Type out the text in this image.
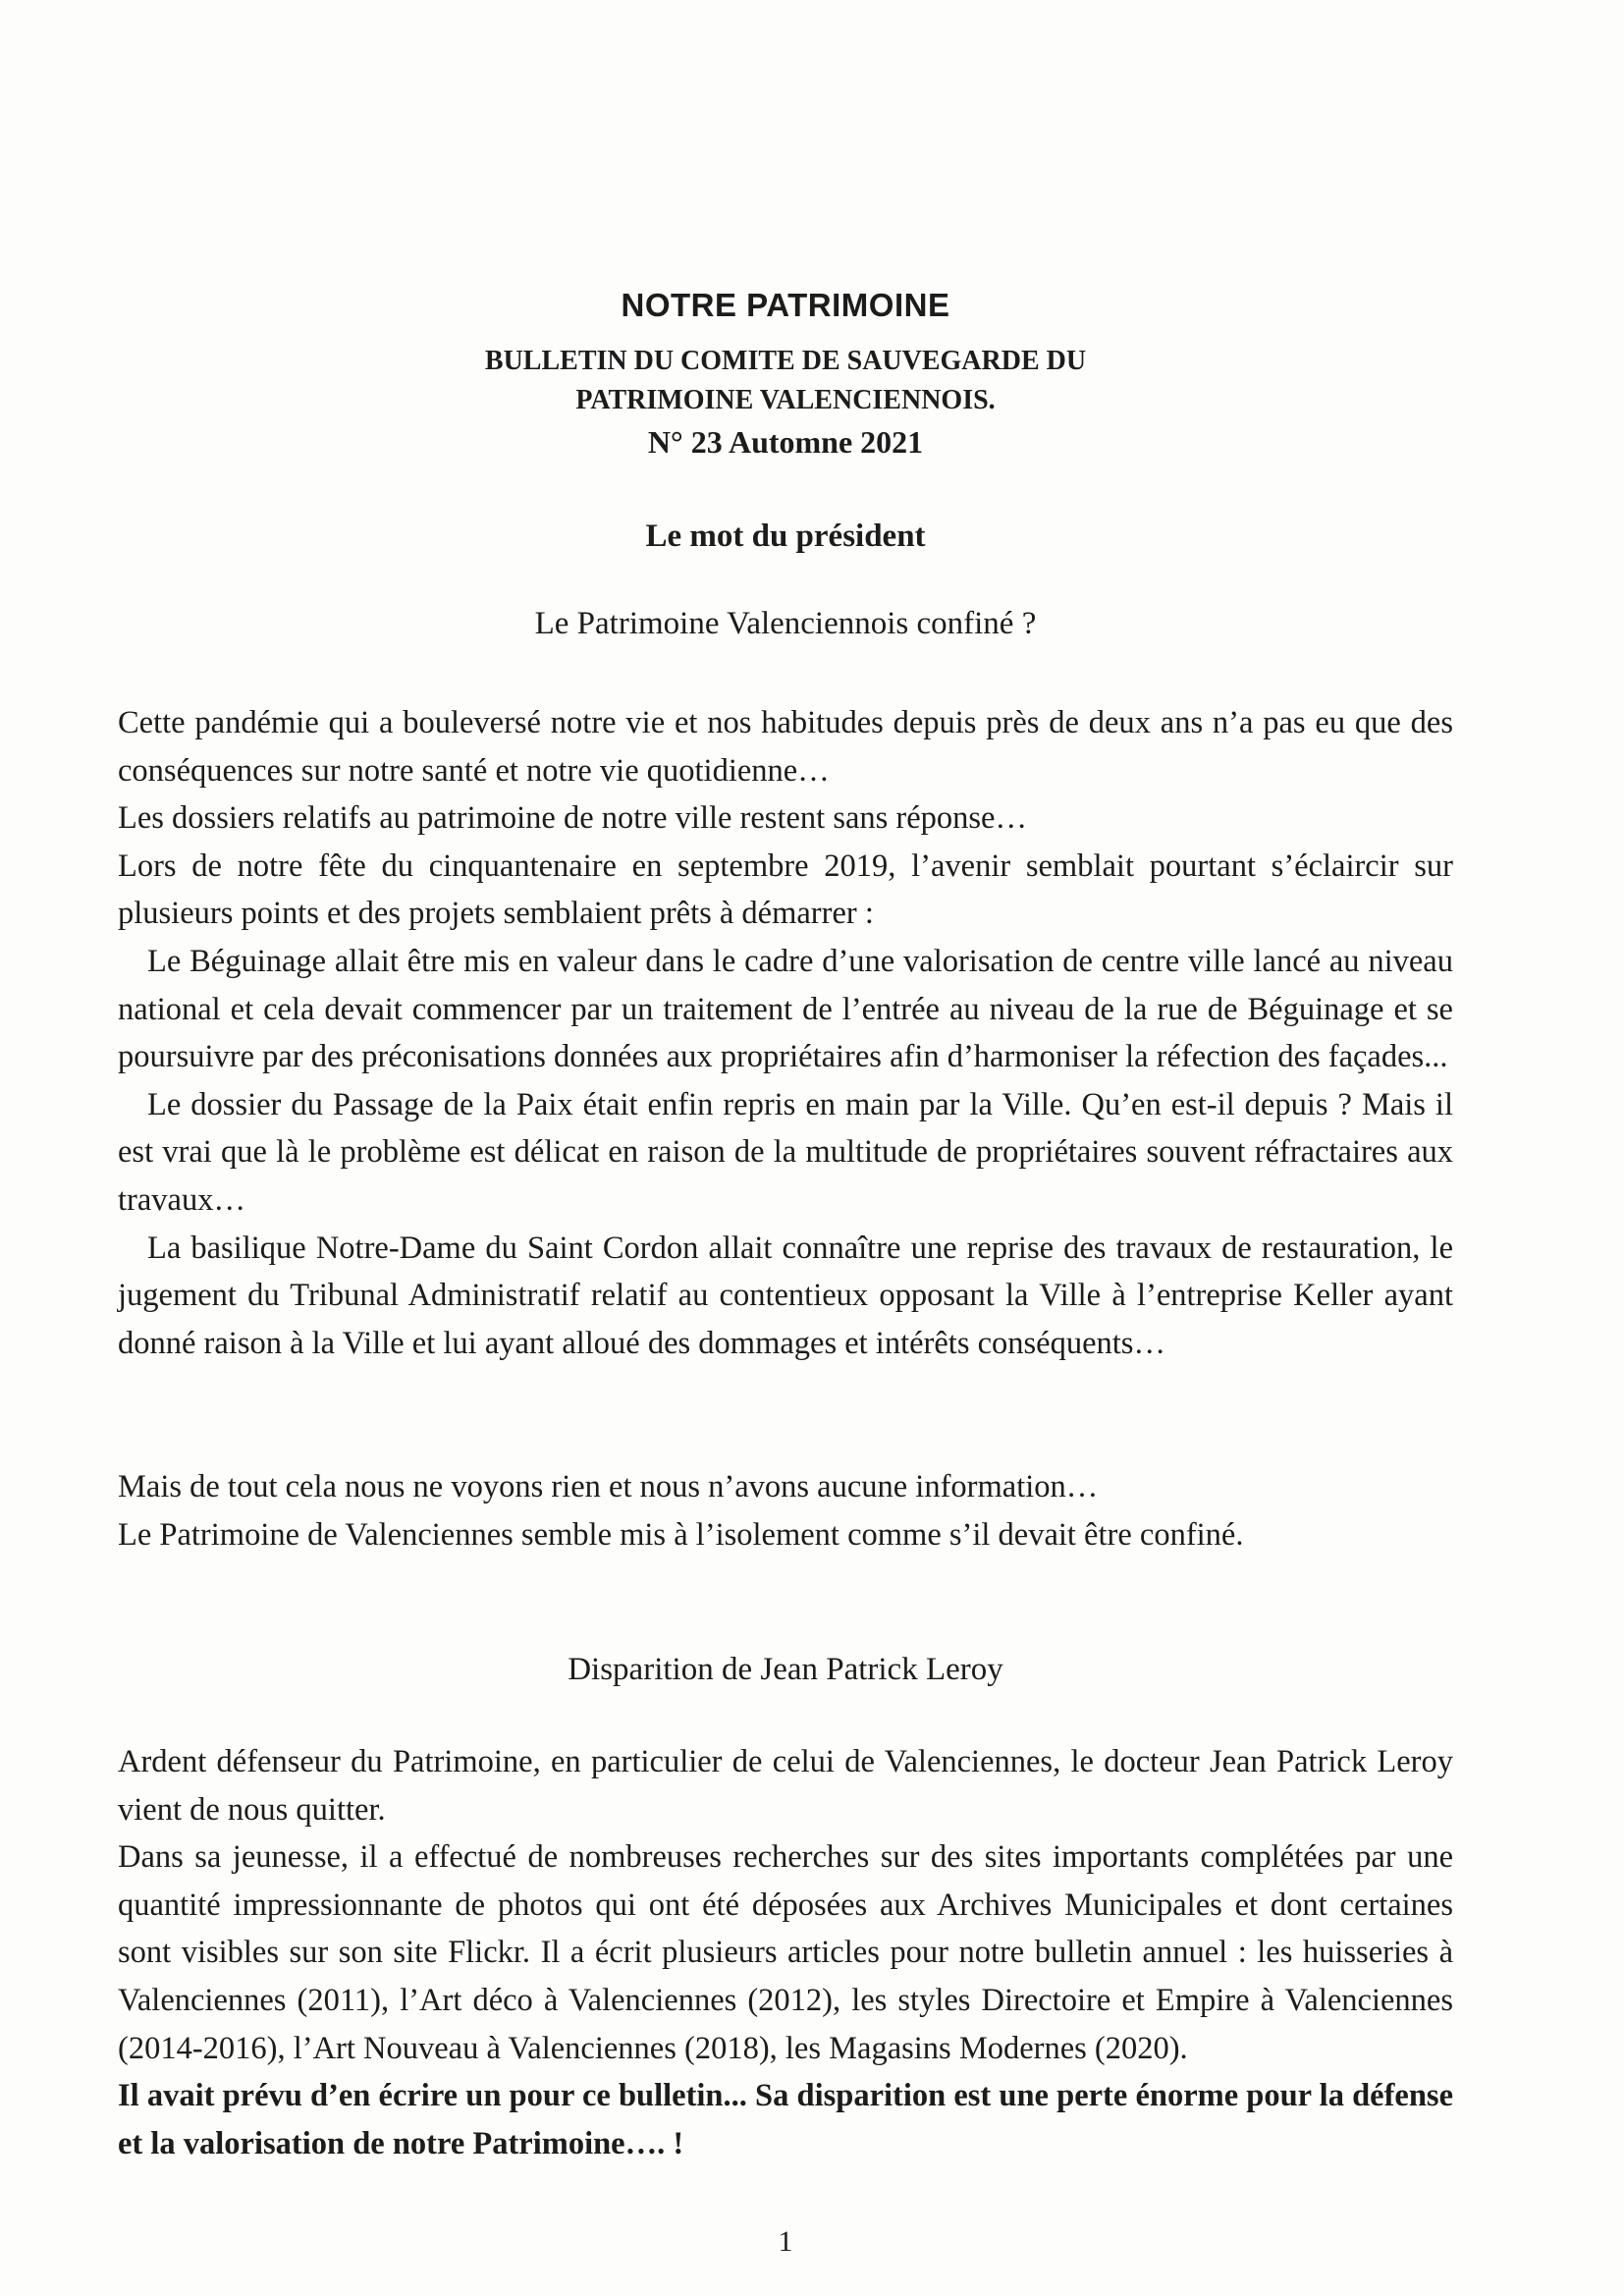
NOTRE PATRIMOINE
BULLETIN DU COMITE DE SAUVEGARDE DU
PATRIMOINE VALENCIENNOIS.
N° 23 Automne 2021
Le mot du président
Le Patrimoine Valenciennois confiné ?

Cette pandémie qui a bouleversé notre vie et nos habitudes depuis près de deux ans n’a pas eu que des conséquences sur notre santé et notre vie quotidienne…

Les dossiers relatifs au patrimoine de notre ville restent sans réponse…

Lors de notre fête du cinquantenaire en septembre 2019, l’avenir semblait pourtant s’éclaircir sur plusieurs points et des projets semblaient prêts à démarrer :

Le Béguinage allait être mis en valeur dans le cadre d’une valorisation de centre ville lancé au niveau national et cela devait commencer par un traitement de l’entrée au niveau de la rue de Béguinage et se poursuivre par des préconisations données aux propriétaires afin d’harmoniser la réfection des façades...

Le dossier du Passage de la Paix était enfin repris en main par la Ville. Qu’en est-il depuis ? Mais il est vrai que là le problème est délicat en raison de la multitude de propriétaires souvent réfractaires aux travaux…

La basilique Notre-Dame du Saint Cordon allait connaître une reprise des travaux de restauration, le jugement du Tribunal Administratif relatif au contentieux opposant la Ville à l’entreprise Keller ayant donné raison à la Ville et lui ayant alloué des dommages et intérêts conséquents…

Mais de tout cela nous ne voyons rien et nous n’avons aucune information…

Le Patrimoine de Valenciennes semble mis à l’isolement comme s’il devait être confiné.

Disparition de Jean Patrick Leroy

Ardent défenseur du Patrimoine, en particulier de celui de Valenciennes, le docteur Jean Patrick Leroy vient de nous quitter.

Dans sa jeunesse, il a effectué de nombreuses recherches sur des sites importants complétées par une quantité impressionnante de photos qui ont été déposées aux Archives Municipales et dont certaines sont visibles sur son site Flickr. Il a écrit plusieurs articles pour notre bulletin annuel : les huisseries à Valenciennes (2011), l’Art déco à Valenciennes (2012), les styles Directoire et Empire à Valenciennes (2014-2016), l’Art Nouveau à Valenciennes (2018), les Magasins Modernes (2020).

Il avait prévu d’en écrire un pour ce bulletin... Sa disparition est une perte énorme pour la défense et la valorisation de notre Patrimoine…. !

1
